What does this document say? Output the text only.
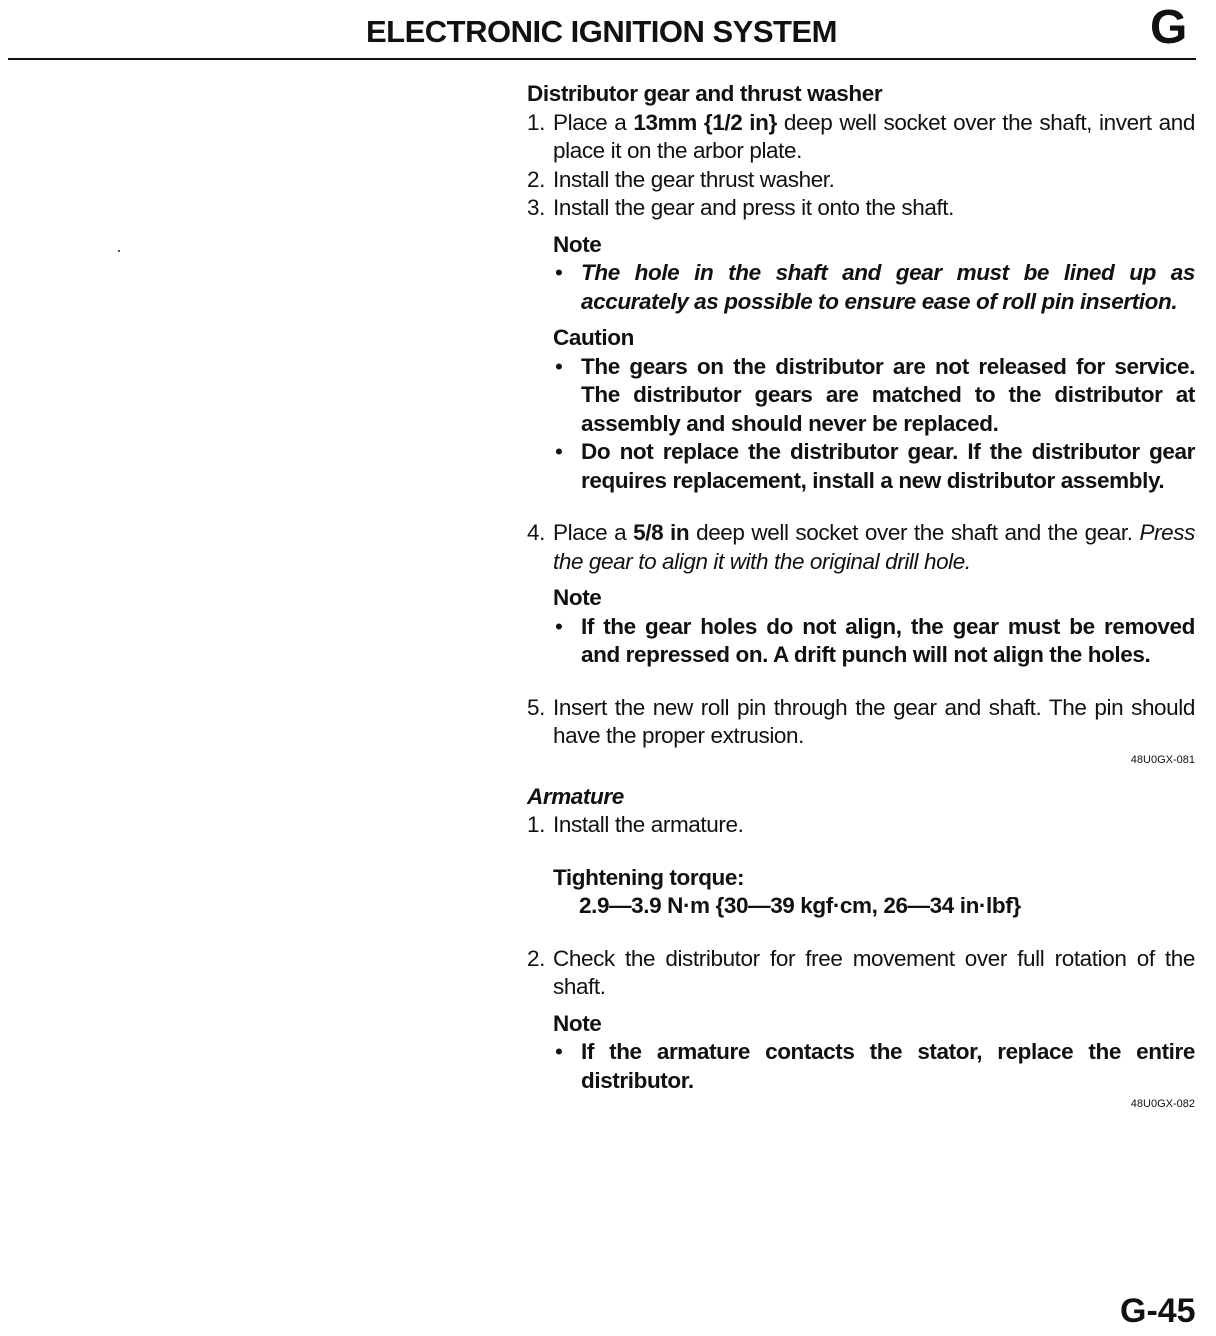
ELECTRONIC IGNITION SYSTEM	G
Distributor gear and thrust washer
1. Place a 13mm {1/2 in} deep well socket over the shaft, invert and place it on the arbor plate.
2. Install the gear thrust washer.
3. Install the gear and press it onto the shaft.
Note
• The hole in the shaft and gear must be lined up as accurately as possible to ensure ease of roll pin insertion.
Caution
• The gears on the distributor are not released for service. The distributor gears are matched to the distributor at assembly and should never be replaced.
• Do not replace the distributor gear. If the distributor gear requires replacement, install a new distributor assembly.
4. Place a 5/8 in deep well socket over the shaft and the gear. Press the gear to align it with the original drill hole.
Note
• If the gear holes do not align, the gear must be removed and repressed on. A drift punch will not align the holes.
5. Insert the new roll pin through the gear and shaft. The pin should have the proper extrusion.
48U0GX-081
Armature
1. Install the armature.
Tightening torque:
2.9—3.9 N·m {30—39 kgf·cm, 26—34 in·lbf}
2. Check the distributor for free movement over full rotation of the shaft.
Note
• If the armature contacts the stator, replace the entire distributor.
48U0GX-082
G-45
